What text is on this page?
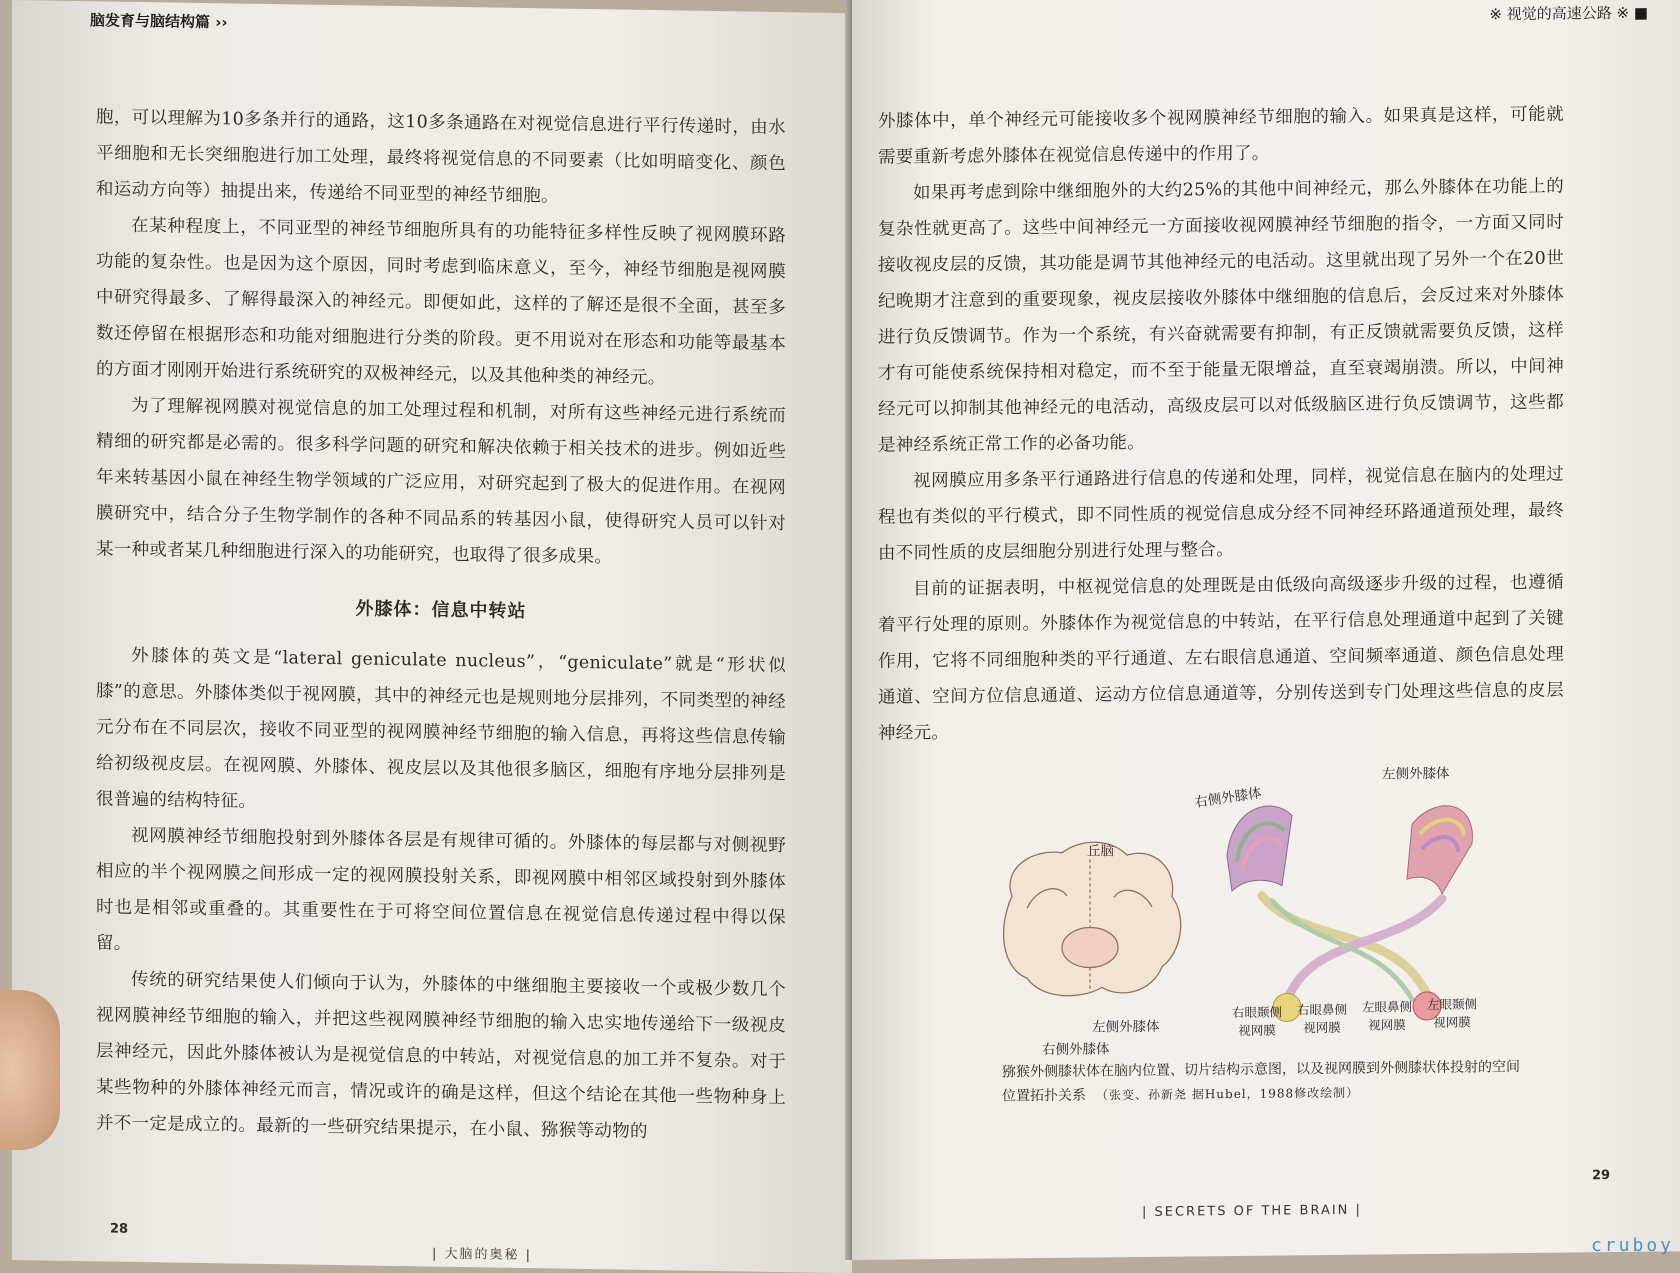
脑发育与脑结构篇 ››

胞，可以理解为10多条并行的通路，这10多条通路在对视觉信息进行平行传递时，由水平细胞和无长突细胞进行加工处理，最终将视觉信息的不同要素（比如明暗变化、颜色和运动方向等）抽提出来，传递给不同亚型的神经节细胞。

在某种程度上，不同亚型的神经节细胞所具有的功能特征多样性反映了视网膜环路功能的复杂性。也是因为这个原因，同时考虑到临床意义，至今，神经节细胞是视网膜中研究得最多、了解得最深入的神经元。即便如此，这样的了解还是很不全面，甚至多数还停留在根据形态和功能对细胞进行分类的阶段。更不用说对在形态和功能等最基本的方面才刚刚开始进行系统研究的双极神经元，以及其他种类的神经元。

为了理解视网膜对视觉信息的加工处理过程和机制，对所有这些神经元进行系统而精细的研究都是必需的。很多科学问题的研究和解决依赖于相关技术的进步。例如近些年来转基因小鼠在神经生物学领域的广泛应用，对研究起到了极大的促进作用。在视网膜研究中，结合分子生物学制作的各种不同品系的转基因小鼠，使得研究人员可以针对某一种或者某几种细胞进行深入的功能研究，也取得了很多成果。

外膝体：信息中转站

外膝体的英文是“lateral geniculate nucleus”，“geniculate”就是“形状似膝”的意思。外膝体类似于视网膜，其中的神经元也是规则地分层排列，不同类型的神经元分布在不同层次，接收不同亚型的视网膜神经节细胞的输入信息，再将这些信息传输给初级视皮层。在视网膜、外膝体、视皮层以及其他很多脑区，细胞有序地分层排列是很普遍的结构特征。

视网膜神经节细胞投射到外膝体各层是有规律可循的。外膝体的每层都与对侧视野相应的半个视网膜之间形成一定的视网膜投射关系，即视网膜中相邻区域投射到外膝体时也是相邻或重叠的。其重要性在于可将空间位置信息在视觉信息传递过程中得以保留。

传统的研究结果使人们倾向于认为，外膝体的中继细胞主要接收一个或极少数几个视网膜神经节细胞的输入，并把这些视网膜神经节细胞的输入忠实地传递给下一级视皮层神经元，因此外膝体被认为是视觉信息的中转站，对视觉信息的加工并不复杂。对于某些物种的外膝体神经元而言，情况或许的确是这样，但这个结论在其他一些物种身上并不一定是成立的。最新的一些研究结果提示，在小鼠、猕猴等动物的

28
| 大脑的奥秘 |
※ 视觉的高速公路 ※ ■

外膝体中，单个神经元可能接收多个视网膜神经节细胞的输入。如果真是这样，可能就需要重新考虑外膝体在视觉信息传递中的作用了。

如果再考虑到除中继细胞外的大约25%的其他中间神经元，那么外膝体在功能上的复杂性就更高了。这些中间神经元一方面接收视网膜神经节细胞的指令，一方面又同时接收视皮层的反馈，其功能是调节其他神经元的电活动。这里就出现了另外一个在20世纪晚期才注意到的重要现象，视皮层接收外膝体中继细胞的信息后，会反过来对外膝体进行负反馈调节。作为一个系统，有兴奋就需要有抑制，有正反馈就需要负反馈，这样才有可能使系统保持相对稳定，而不至于能量无限增益，直至衰竭崩溃。所以，中间神经元可以抑制其他神经元的电活动，高级皮层可以对低级脑区进行负反馈调节，这些都是神经系统正常工作的必备功能。

视网膜应用多条平行通路进行信息的传递和处理，同样，视觉信息在脑内的处理过程也有类似的平行模式，即不同性质的视觉信息成分经不同神经环路通道预处理，最终由不同性质的皮层细胞分别进行处理与整合。

目前的证据表明，中枢视觉信息的处理既是由低级向高级逐步升级的过程，也遵循着平行处理的原则。外膝体作为视觉信息的中转站，在平行信息处理通道中起到了关键作用，它将不同细胞种类的平行通道、左右眼信息通道、空间频率通道、颜色信息处理通道、空间方位信息通道、运动方位信息通道等，分别传送到专门处理这些信息的皮层神经元。

丘脑
右侧外膝体
左侧外膝体
左侧外膝体
右侧外膝体
右眼颞侧
视网膜
右眼鼻侧
视网膜
左眼鼻侧
视网膜
左眼颞侧
视网膜
猕猴外侧膝状体在脑内位置、切片结构示意图，以及视网膜到外侧膝状体投射的空间位置拓扑关系 （张变、孙新尧 据Hubel，1988修改绘制）
29
| SECRETS OF THE BRAIN |
cruboy
